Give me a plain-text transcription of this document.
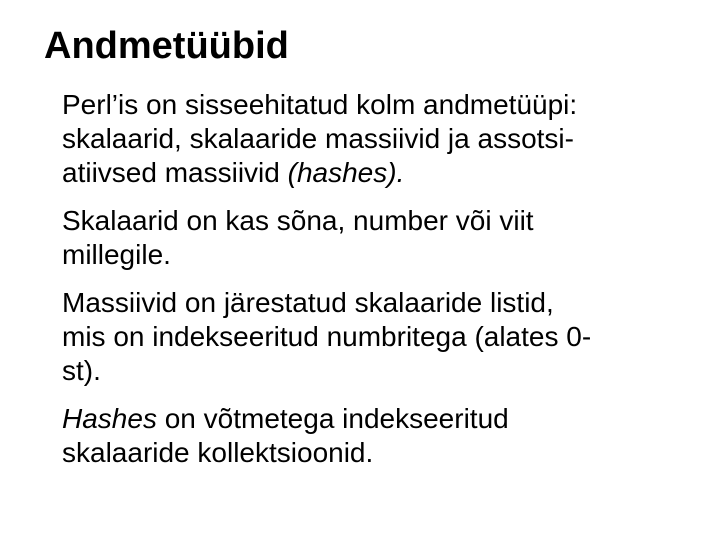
Andmetüübid

Perl’is on sisseehitatud kolm andmetüüpi:
skalaarid, skalaaride massiivid ja assotsi-
atiivsed massiivid (hashes).

Skalaarid on kas sõna, number või viit
millegile.

Massiivid on järestatud skalaaride listid,
mis on indekseeritud numbritega (alates 0-
st).

Hashes on võtmetega indekseeritud
skalaaride kollektsioonid.
